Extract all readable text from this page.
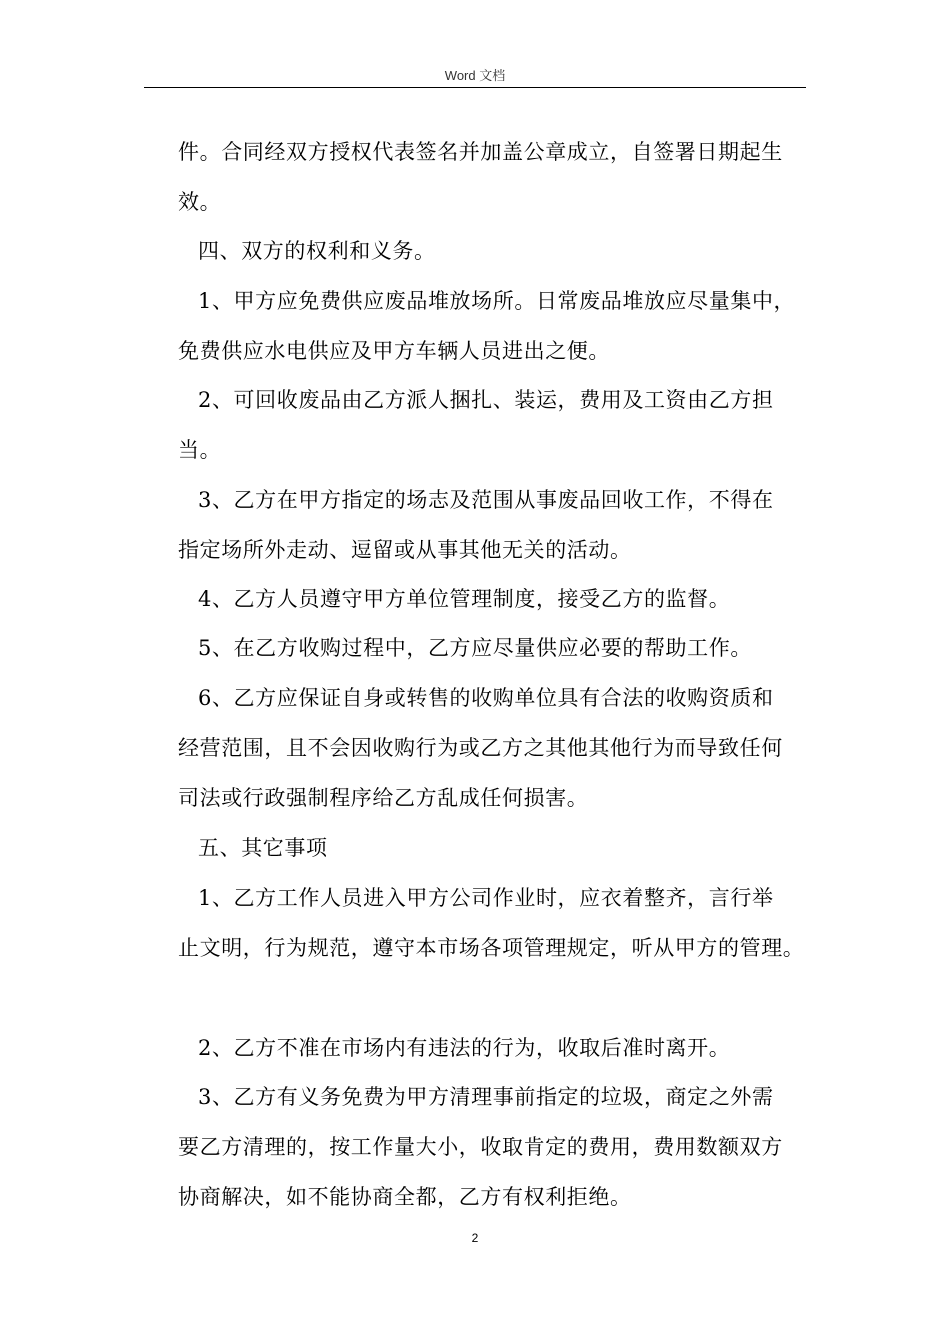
Word 文档
件。合同经双方授权代表签名并加盖公章成立，自签署日期起生
效。
四、双方的权利和义务。
1、甲方应免费供应废品堆放场所。日常废品堆放应尽量集中，
免费供应水电供应及甲方车辆人员进出之便。
2、可回收废品由乙方派人捆扎、装运，费用及工资由乙方担
当。
3、乙方在甲方指定的场志及范围从事废品回收工作，不得在
指定场所外走动、逗留或从事其他无关的活动。
4、乙方人员遵守甲方单位管理制度，接受乙方的监督。
5、在乙方收购过程中，乙方应尽量供应必要的帮助工作。
6、乙方应保证自身或转售的收购单位具有合法的收购资质和
经营范围，且不会因收购行为或乙方之其他其他行为而导致任何
司法或行政强制程序给乙方乱成任何损害。
五、其它事项
1、乙方工作人员进入甲方公司作业时，应衣着整齐，言行举
止文明，行为规范，遵守本市场各项管理规定，听从甲方的管理。
2、乙方不准在市场内有违法的行为，收取后准时离开。
3、乙方有义务免费为甲方清理事前指定的垃圾，商定之外需
要乙方清理的，按工作量大小，收取肯定的费用，费用数额双方
协商解决，如不能协商全都，乙方有权利拒绝。
2
